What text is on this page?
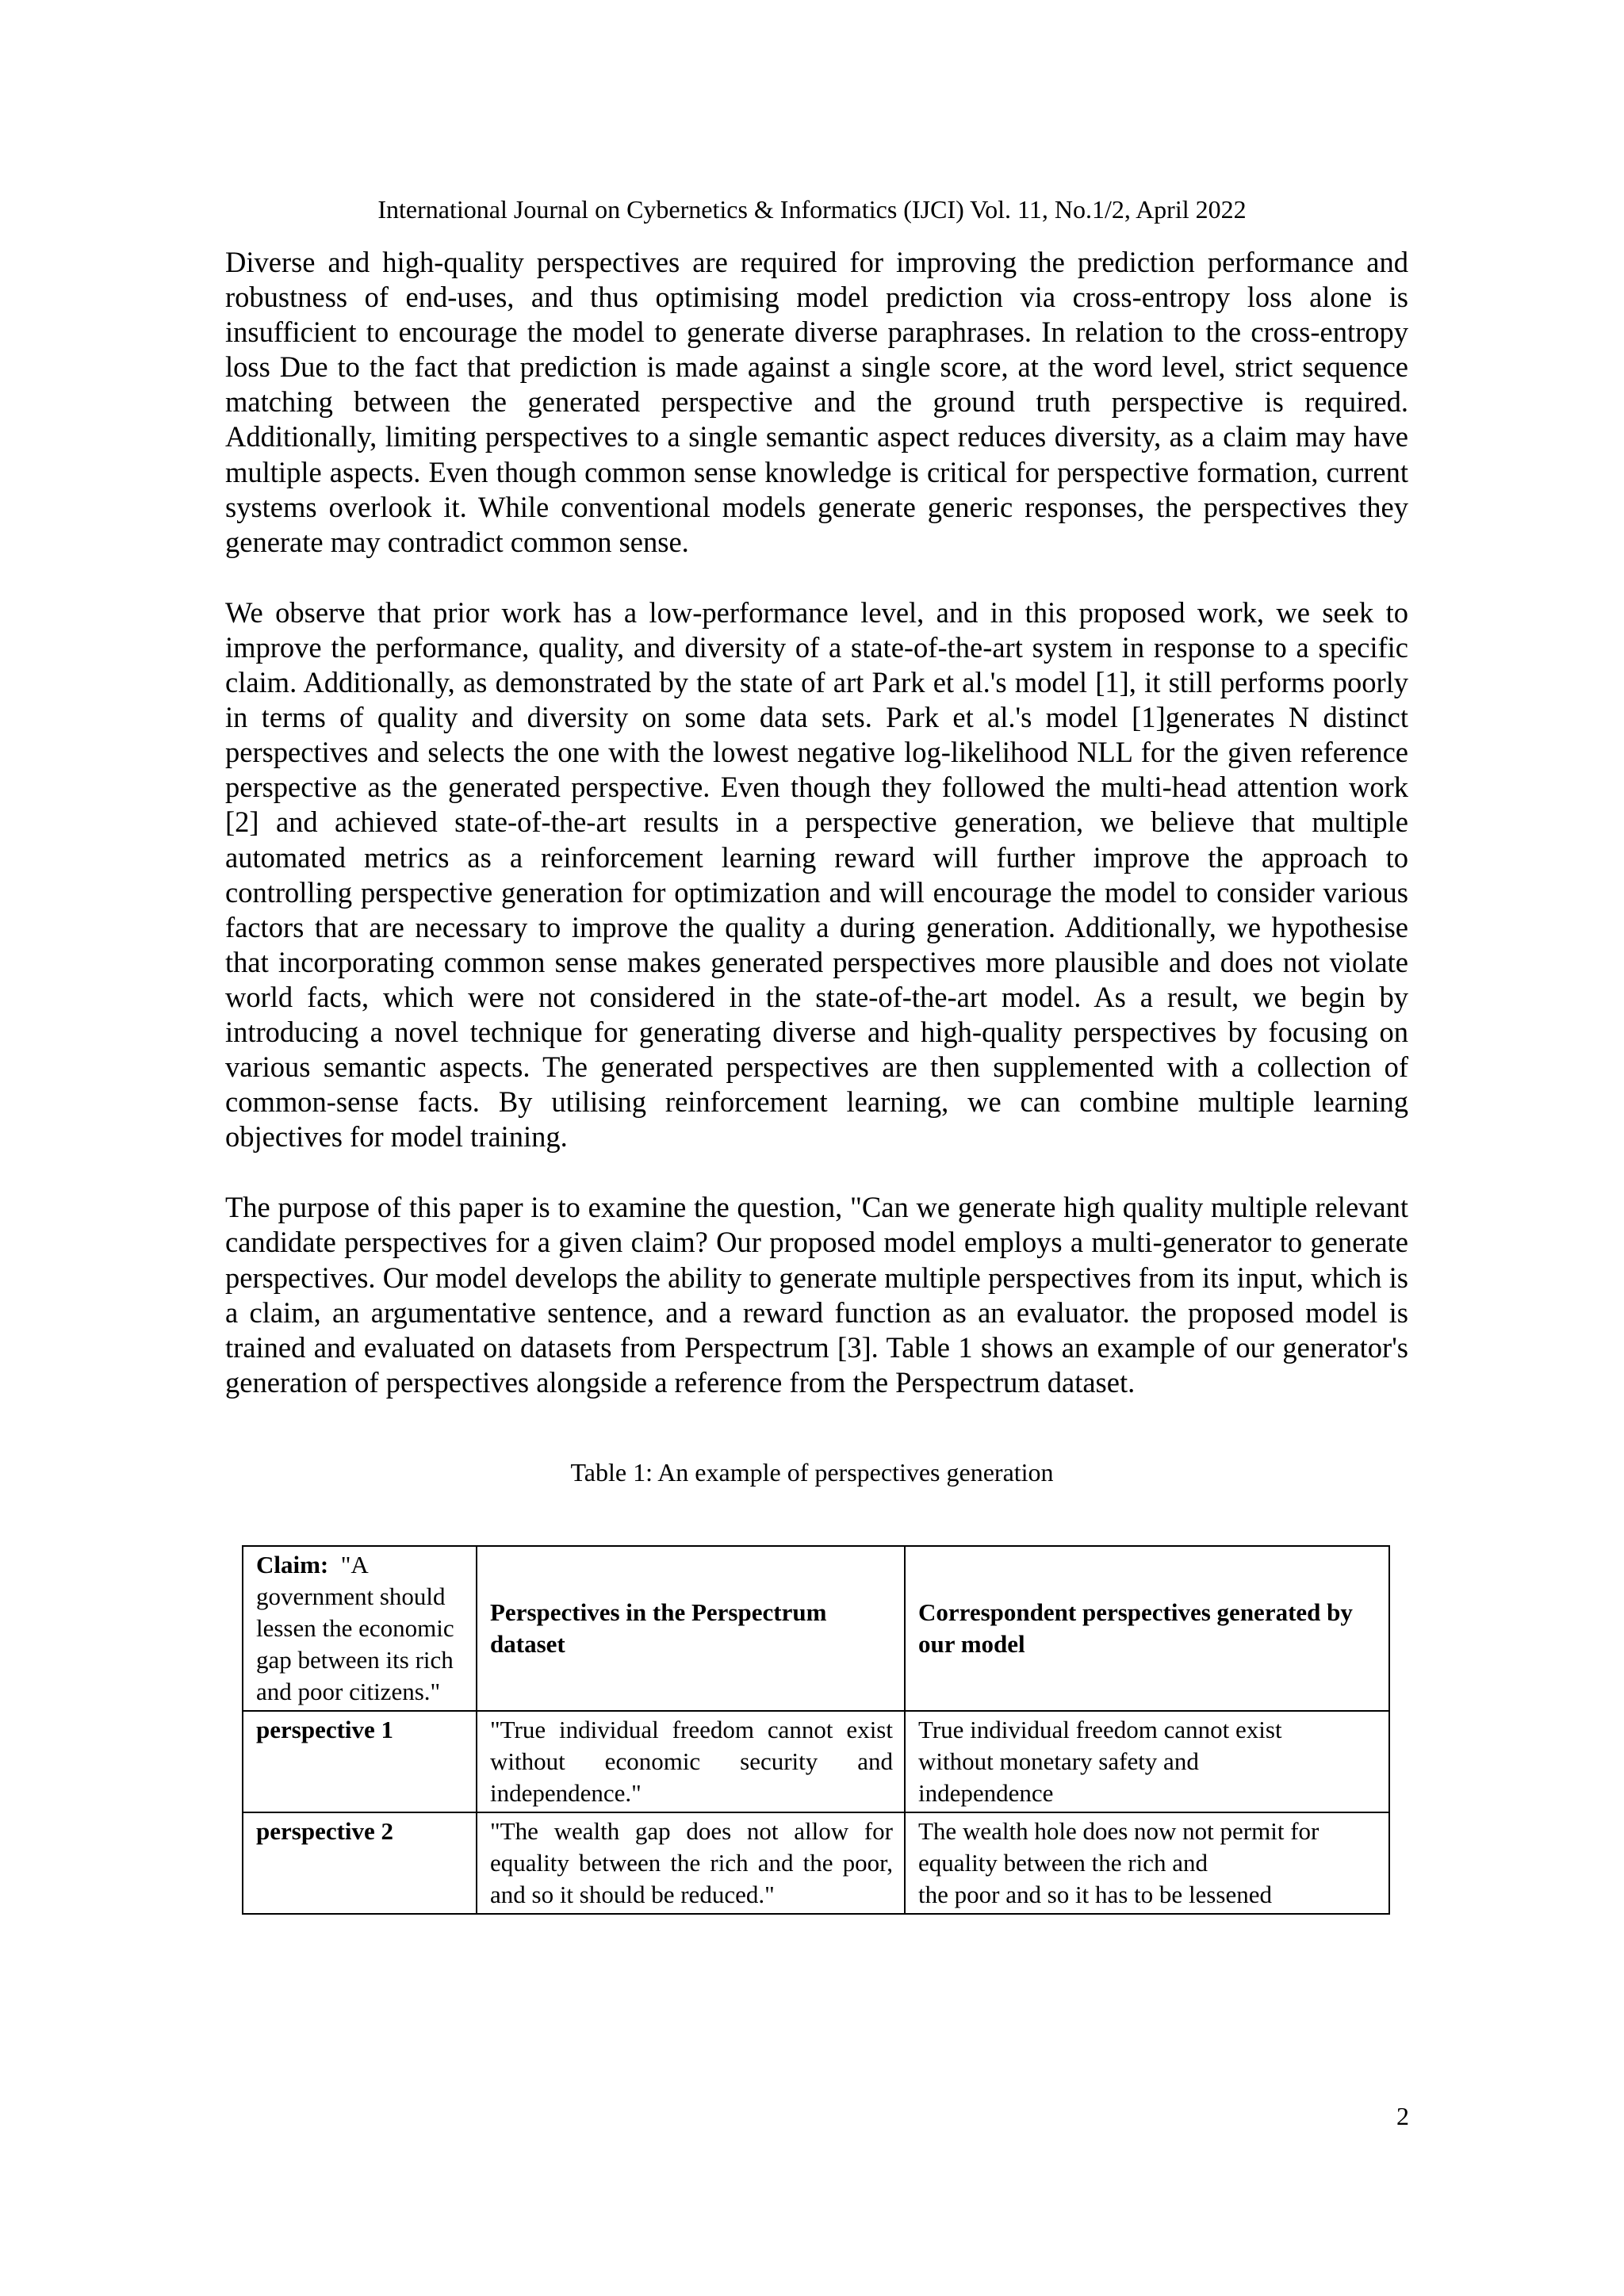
International Journal on Cybernetics & Informatics (IJCI) Vol. 11, No.1/2, April 2022

Diverse and high-quality perspectives are required for improving the prediction performance and robustness of end-uses, and thus optimising model prediction via cross-entropy loss alone is insufficient to encourage the model to generate diverse paraphrases. In relation to the cross-entropy loss Due to the fact that prediction is made against a single score, at the word level, strict sequence matching between the generated perspective and the ground truth perspective is required. Additionally, limiting perspectives to a single semantic aspect reduces diversity, as a claim may have multiple aspects. Even though common sense knowledge is critical for perspective formation, current systems overlook it. While conventional models generate generic responses, the perspectives they generate may contradict common sense.

We observe that prior work has a low-performance level, and in this proposed work, we seek to improve the performance, quality, and diversity of a state-of-the-art system in response to a specific claim. Additionally, as demonstrated by the state of art Park et al.'s model [1], it still performs poorly in terms of quality and diversity on some data sets. Park et al.'s model [1]generates N distinct perspectives and selects the one with the lowest negative log-likelihood NLL for the given reference perspective as the generated perspective. Even though they followed the multi-head attention work [2] and achieved state-of-the-art results in a perspective generation, we believe that multiple automated metrics as a reinforcement learning reward will further improve the approach to controlling perspective generation for optimization and will encourage the model to consider various factors that are necessary to improve the quality a during generation. Additionally, we hypothesise that incorporating common sense makes generated perspectives more plausible and does not violate world facts, which were not considered in the state-of-the-art model. As a result, we begin by introducing a novel technique for generating diverse and high-quality perspectives by focusing on various semantic aspects. The generated perspectives are then supplemented with a collection of common-sense facts. By utilising reinforcement learning, we can combine multiple learning objectives for model training.

The purpose of this paper is to examine the question, "Can we generate high quality multiple relevant candidate perspectives for a given claim? Our proposed model employs a multi-generator to generate perspectives. Our model develops the ability to generate multiple perspectives from its input, which is a claim, an argumentative sentence, and a reward function as an evaluator. the proposed model is trained and evaluated on datasets from Perspectrum [3]. Table 1 shows an example of our generator's generation of perspectives alongside a reference from the Perspectrum dataset.

Table 1: An example of perspectives generation
Claim: "A government should lessen the economic gap between its rich and poor citizens."	Perspectives in the Perspectrum dataset	Correspondent perspectives generated by our model
perspective 1	"True individual freedom cannot exist without economic security and independence."	True individual freedom cannot exist
without monetary safety and
independence

perspective 2	"The wealth gap does not allow for equality between the rich and the poor, and so it should be reduced."	The wealth hole does now not permit for
equality between the rich and
the poor and so it has to be lessened
2
